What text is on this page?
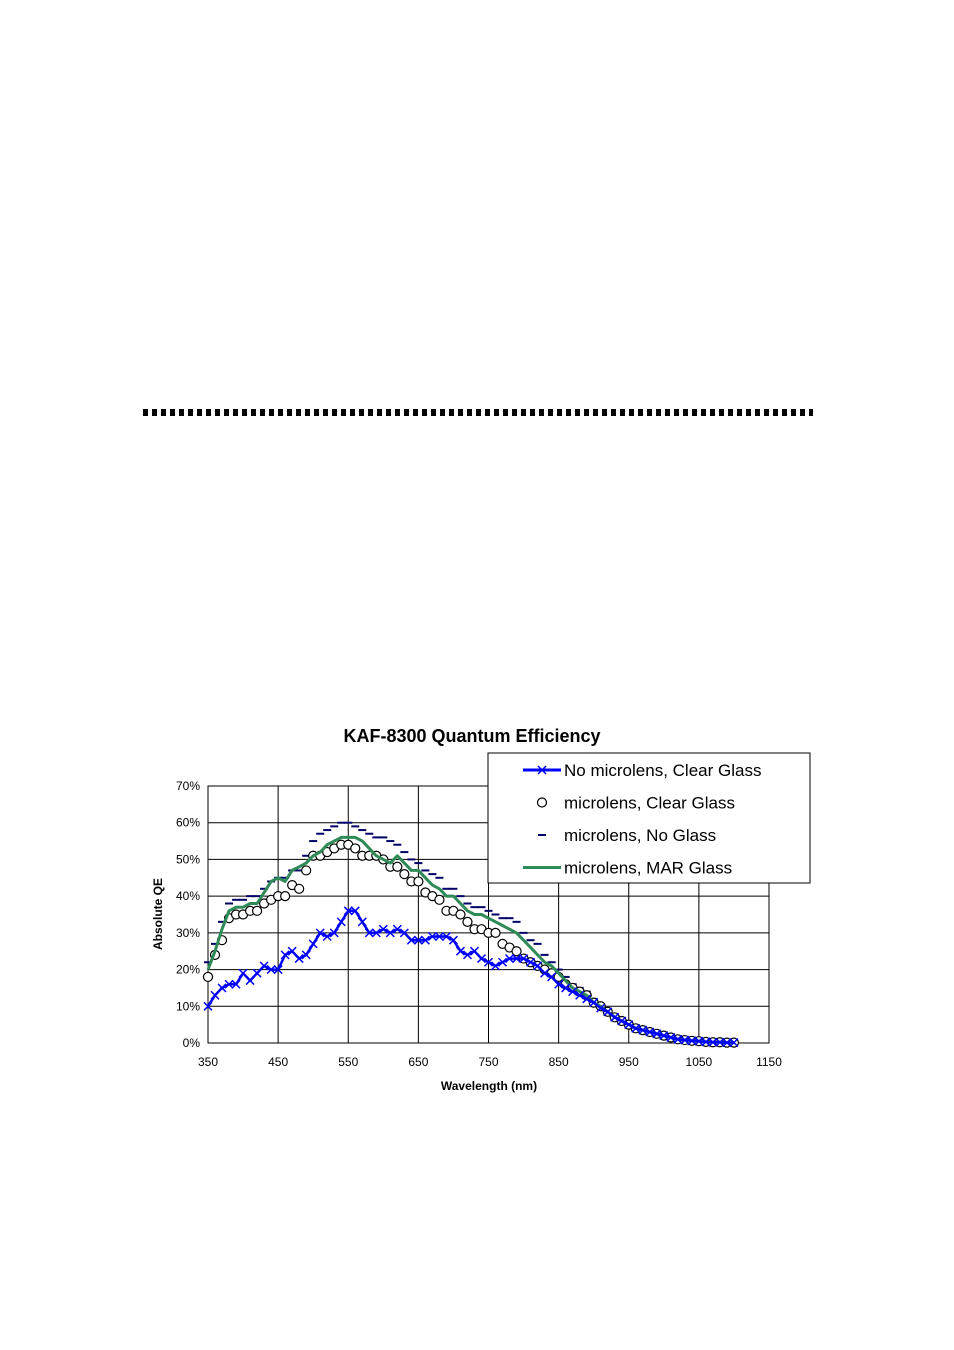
KAF-8300 Quantum Efficiency
350	450	550	650	750	850	950	1050	1150
0%
10%
20%
30%
40%
50%
60%
70%
Wavelength (nm)
Absolute QE
No microlens, Clear Glass
microlens, Clear Glass
microlens, No Glass
microlens, MAR Glass
